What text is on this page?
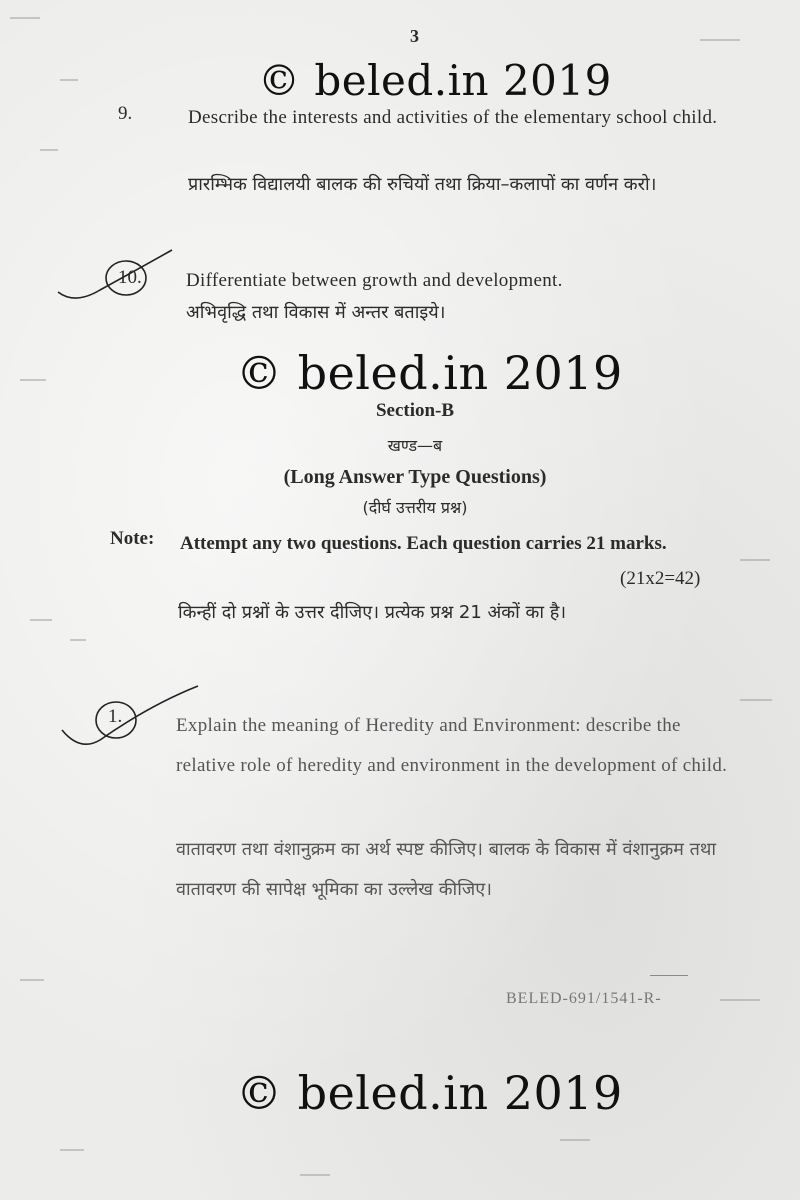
3
© beled.in 2019
9.	Describe the interests and activities of the elementary school child.
प्रारम्भिक विद्यालयी बालक की रुचियों तथा क्रिया–कलापों का वर्णन करो।
10. Differentiate between growth and development.
अभिवृद्धि तथा विकास में अन्तर बताइये।
© beled.in 2019
Section-B
खण्ड—ब
(Long Answer Type Questions)
(दीर्घ उत्तरीय प्रश्न)
Note: Attempt any two questions. Each question carries 21 marks.
(21x2=42)
किन्हीं दो प्रश्नों के उत्तर दीजिए। प्रत्येक प्रश्न 21 अंकों का है।
1.	Explain the meaning of Heredity and Environment: describe the relative role of heredity and environment in the development of child.
वातावरण तथा वंशानुक्रम का अर्थ स्पष्ट कीजिए। बालक के विकास में वंशानुक्रम तथा वातावरण की सापेक्ष भूमिका का उल्लेख कीजिए।
BELED-691/1541-R-
© beled.in 2019
